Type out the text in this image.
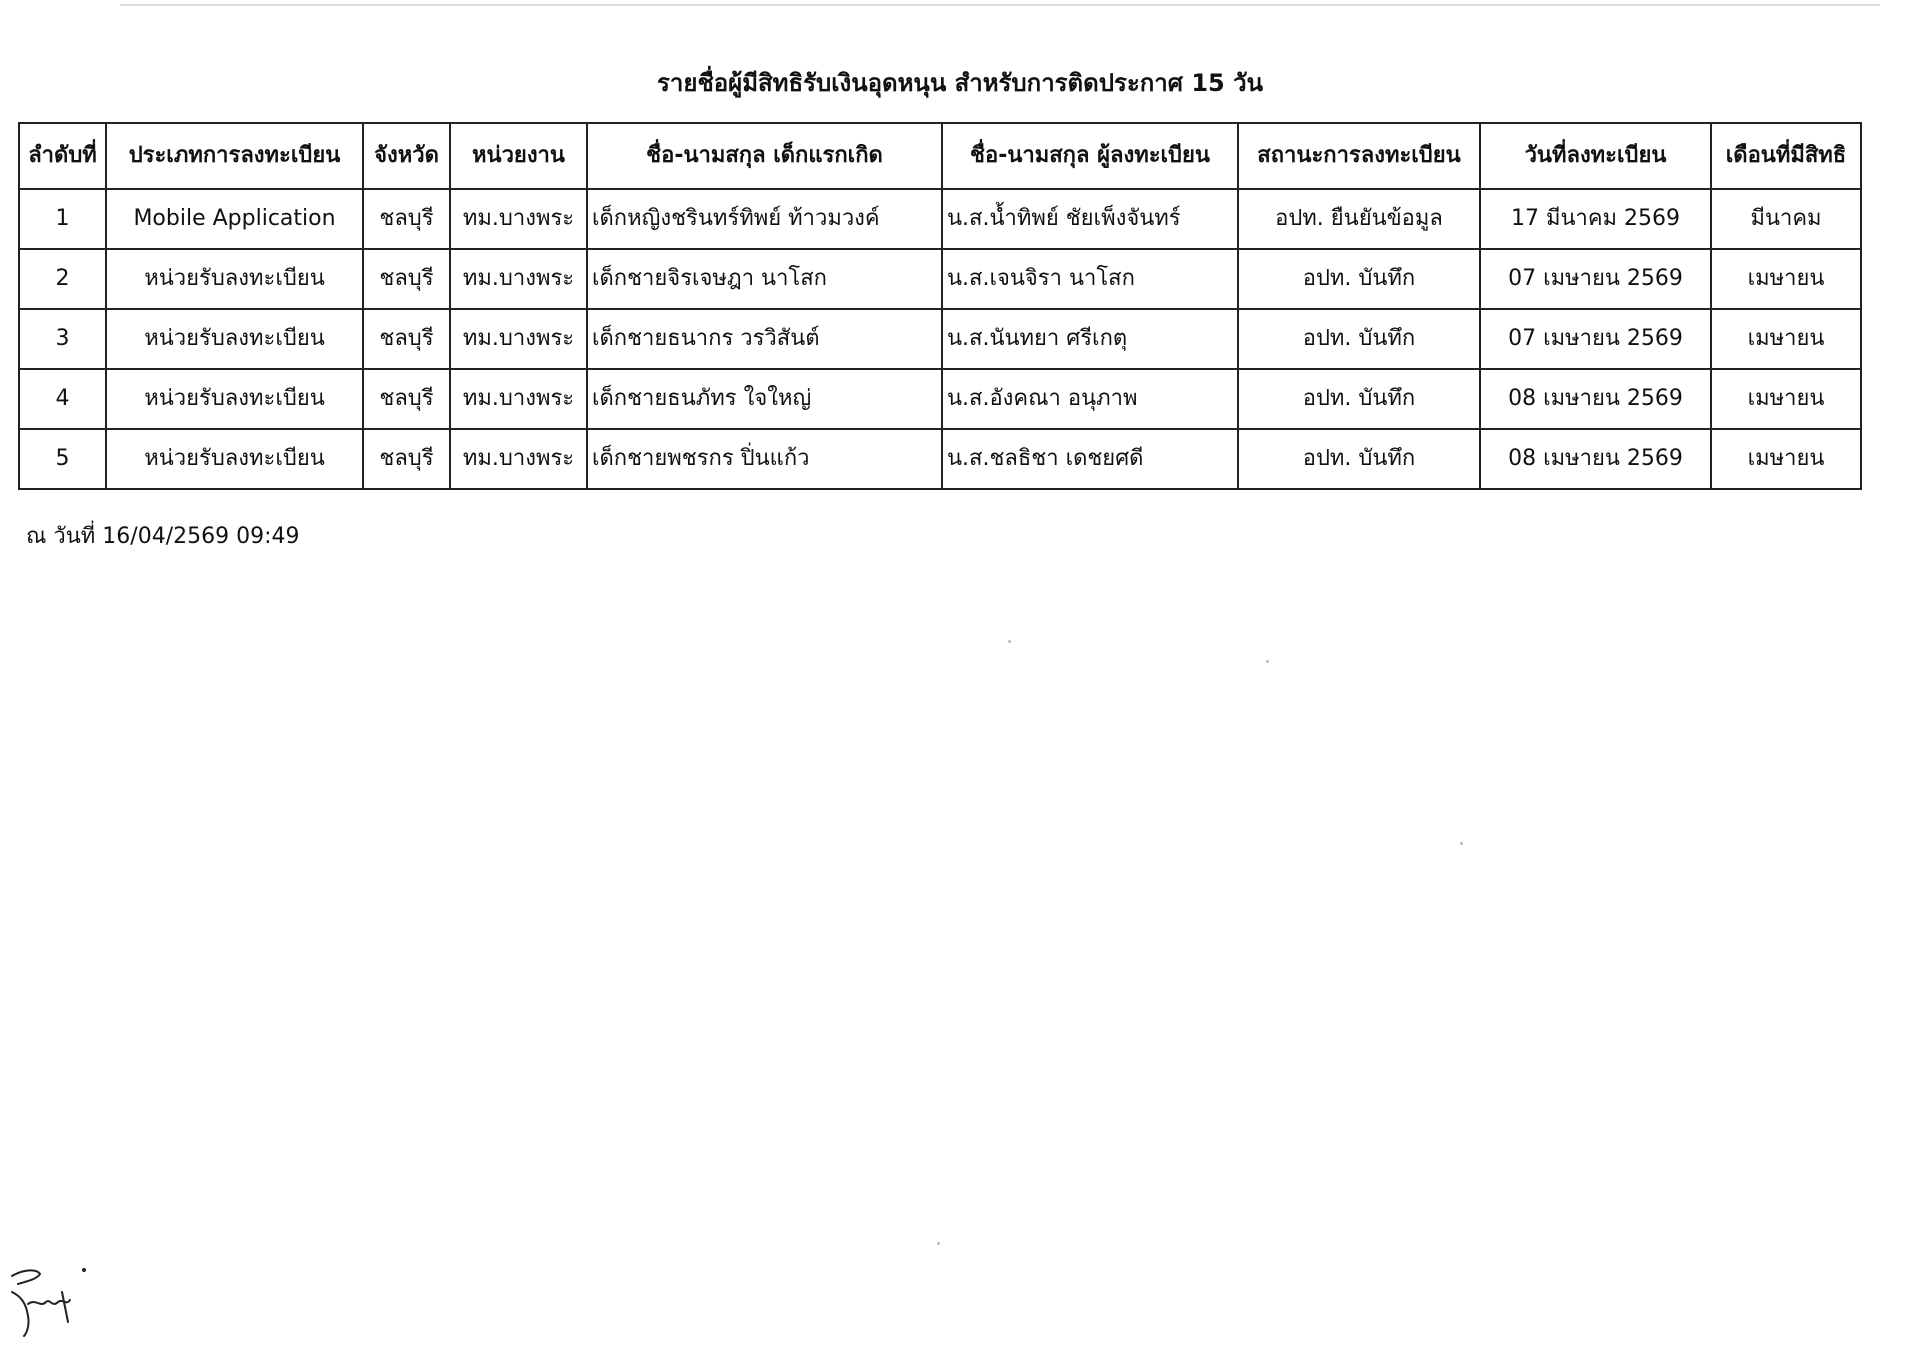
รายชื่อผู้มีสิทธิรับเงินอุดหนุน สำหรับการติดประกาศ 15 วัน
ลำดับที่	ประเภทการลงทะเบียน	จังหวัด	หน่วยงาน	ชื่อ-นามสกุล เด็กแรกเกิด	ชื่อ-นามสกุล ผู้ลงทะเบียน	สถานะการลงทะเบียน	วันที่ลงทะเบียน	เดือนที่มีสิทธิ
1	Mobile Application	ชลบุรี	ทม.บางพระ	เด็กหญิงชรินทร์ทิพย์ ท้าวมวงค์	น.ส.น้ำทิพย์ ชัยเพ็งจันทร์	อปท. ยืนยันข้อมูล	17 มีนาคม 2569	มีนาคม
2	หน่วยรับลงทะเบียน	ชลบุรี	ทม.บางพระ	เด็กชายจิรเจษฎา นาโสก	น.ส.เจนจิรา นาโสก	อปท. บันทึก	07 เมษายน 2569	เมษายน
3	หน่วยรับลงทะเบียน	ชลบุรี	ทม.บางพระ	เด็กชายธนากร วรวิสันต์	น.ส.นันทยา ศรีเกตุ	อปท. บันทึก	07 เมษายน 2569	เมษายน
4	หน่วยรับลงทะเบียน	ชลบุรี	ทม.บางพระ	เด็กชายธนภัทร ใจใหญ่	น.ส.อังคณา อนุภาพ	อปท. บันทึก	08 เมษายน 2569	เมษายน
5	หน่วยรับลงทะเบียน	ชลบุรี	ทม.บางพระ	เด็กชายพชรกร ปิ่นแก้ว	น.ส.ชลธิชา เดชยศดี	อปท. บันทึก	08 เมษายน 2569	เมษายน
ณ วันที่ 16/04/2569 09:49
